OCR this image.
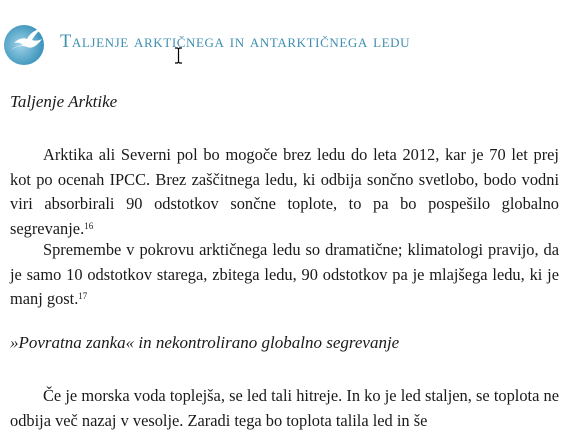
Taljenje arktičnega in antarktičnega ledu
Taljenje Arktike

Arktika ali Severni pol bo mogoče brez ledu do leta 2012, kar je 70 let prej kot po ocenah IPCC. Brez zaščitnega ledu, ki odbija sončno svetlobo, bodo vodni viri absorbirali 90 odstotkov sončne toplote, to pa bo pospešilo globalno segrevanje.$^{16}$

Spremembe v pokrovu arktičnega ledu so dramatične; klimatologi pravijo, da je samo 10 odstotkov starega, zbitega ledu, 90 odstotkov pa je mlajšega ledu, ki je manj gost.$^{17}$

»Povratna zanka« in nekontrolirano globalno segrevanje

Če je morska voda toplejša, se led tali hitreje. In ko je led staljen, se toplota ne odbija več nazaj v vesolje. Zaradi tega bo toplota talila led in še
